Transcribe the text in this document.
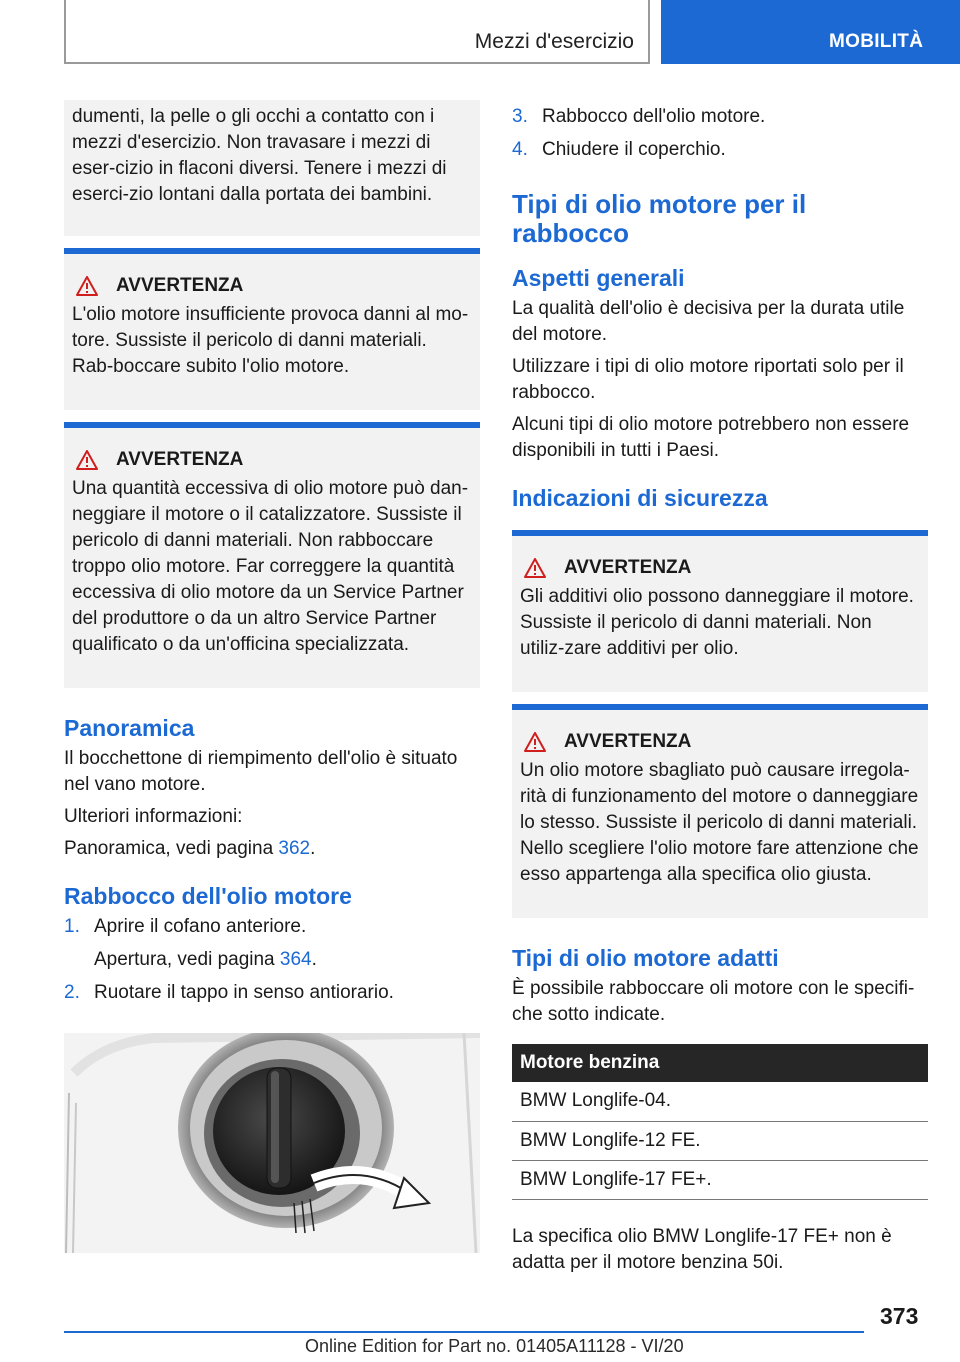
Mezzi d'esercizio	MOBILITÀ

dumenti, la pelle o gli occhi a contatto con i mezzi d'esercizio. Non travasare i mezzi di eser-cizio in flaconi diversi. Tenere i mezzi di eserci-zio lontani dalla portata dei bambini.

AVVERTENZA

L'olio motore insufficiente provoca danni al mo-tore. Sussiste il pericolo di danni materiali. Rab-boccare subito l'olio motore.

AVVERTENZA

Una quantità eccessiva di olio motore può dan-neggiare il motore o il catalizzatore. Sussiste il pericolo di danni materiali. Non rabboccare troppo olio motore. Far correggere la quantità eccessiva di olio motore da un Service Partner del produttore o da un altro Service Partner qualificato o da un'officina specializzata.

Panoramica

Il bocchettone di riempimento dell'olio è situato nel vano motore.

Ulteriori informazioni:

Panoramica, vedi pagina 362.

Rabbocco dell'olio motore
1. Aprire il cofano anteriore.
Apertura, vedi pagina 364.
2. Ruotare il tappo in senso antiorario.
3. Rabbocco dell'olio motore.
4. Chiudere il coperchio.
Tipi di olio motore per il rabbocco
Aspetti generali

La qualità dell'olio è decisiva per la durata utile del motore.

Utilizzare i tipi di olio motore riportati solo per il rabbocco.

Alcuni tipi di olio motore potrebbero non essere disponibili in tutti i Paesi.

Indicazioni di sicurezza
AVVERTENZA

Gli additivi olio possono danneggiare il motore. Sussiste il pericolo di danni materiali. Non utiliz-zare additivi per olio.

AVVERTENZA

Un olio motore sbagliato può causare irregola-rità di funzionamento del motore o danneggiare lo stesso. Sussiste il pericolo di danni materiali. Nello scegliere l'olio motore fare attenzione che esso appartenga alla specifica olio giusta.

Tipi di olio motore adatti

È possibile rabboccare oli motore con le specifi-che sotto indicate.

Motore benzina
BMW Longlife-04.
BMW Longlife-12 FE.
BMW Longlife-17 FE+.

La specifica olio BMW Longlife-17 FE+ non è adatta per il motore benzina 50i.

373
Online Edition for Part no. 01405A11128 - VI/20
